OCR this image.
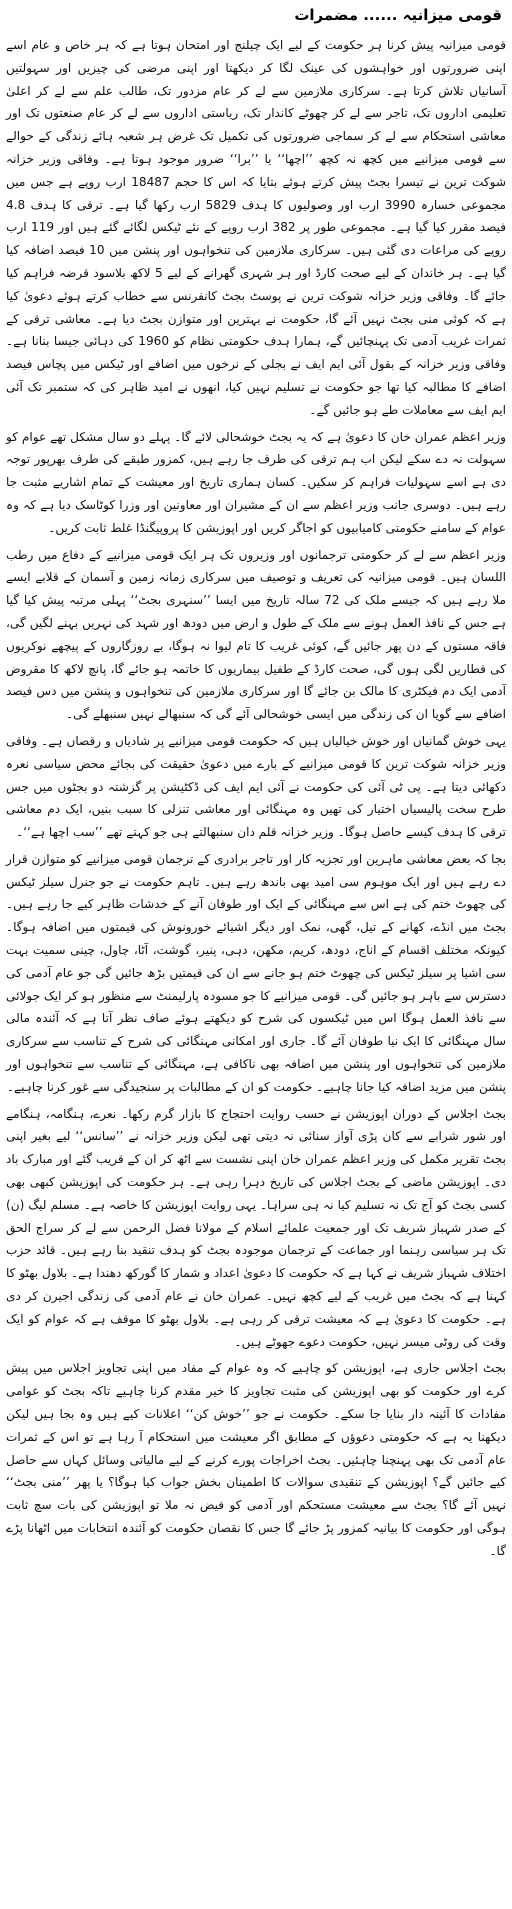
قومی میزانیہ ...... مضمرات

قومی میزانیہ پیش کرنا ہر حکومت کے لیے ایک چیلنج اور امتحان ہوتا ہے کہ ہر خاص و عام اسے اپنی ضرورتوں اور خواہشوں کی عینک لگا کر دیکھتا اور اپنی مرضی کی چیزیں اور سہولتیں آسانیاں تلاش کرتا ہے۔ سرکاری ملازمین سے لے کر عام مزدور تک، طالب علم سے لے کر اعلیٰ تعلیمی اداروں تک، تاجر سے لے کر چھوٹے کاندار تک، ریاستی اداروں سے لے کر عام صنعتوں تک اور معاشی استحکام سے لے کر سماجی ضرورتوں کی تکمیل تک غرض ہر شعبہ ہائے زندگی کے حوالے سے قومی میزانیے میں کچھ نہ کچھ ’’اچھا‘‘ یا ’’برا‘‘ ضرور موجود ہوتا ہے۔ وفاقی وزیر خزانہ شوکت ترین نے تیسرا بجٹ پیش کرتے ہوئے بتایا کہ اس کا حجم 18487 ارب روپے ہے جس میں مجموعی خسارہ 3990 ارب اور وصولیوں کا ہدف 5829 ارب رکھا گیا ہے۔ ترقی کا ہدف 4.8 فیصد مقرر کیا گیا ہے۔ مجموعی طور پر 382 ارب روپے کے نئے ٹیکس لگائے گئے ہیں اور 119 ارب روپے کی مراعات دی گئی ہیں۔ سرکاری ملازمین کی تنخواہوں اور پنشن میں 10 فیصد اضافہ کیا گیا ہے۔ ہر خاندان کے لیے صحت کارڈ اور ہر شہری گھرانے کے لیے 5 لاکھ بلاسود قرضہ فراہم کیا جائے گا۔ وفاقی وزیر خزانہ شوکت ترین نے پوسٹ بجٹ کانفرنس سے خطاب کرتے ہوئے دعویٰ کیا ہے کہ کوئی منی بجٹ نہیں آئے گا، حکومت نے بہترین اور متوازن بجٹ دیا ہے۔ معاشی ترقی کے ثمرات غریب آدمی تک پہنچائیں گے، ہمارا ہدف حکومتی نظام کو 1960 کی دہائی جیسا بنانا ہے۔ وفاقی وزیر خزانہ کے بقول آئی ایم ایف نے بجلی کے نرخوں میں اضافے اور ٹیکس میں پچاس فیصد اضافے کا مطالبہ کیا تھا جو حکومت نے تسلیم نہیں کیا، انھوں نے امید ظاہر کی کہ ستمبر تک آئی ایم ایف سے معاملات طے ہو جائیں گے۔

وزیر اعظم عمران خان کا دعویٰ ہے کہ یہ بجٹ خوشحالی لائے گا۔ پہلے دو سال مشکل تھے عوام کو سہولت نہ دے سکے لیکن اب ہم ترقی کی طرف جا رہے ہیں، کمزور طبقے کی طرف بھرپور توجہ دی ہے اسے سہولیات فراہم کر سکیں۔ کسان ہماری تاریخ اور معیشت کے تمام اشاریے مثبت جا رہے ہیں۔ دوسری جانب وزیر اعظم سے ان کے مشیران اور معاونین اور وزرا کوٹاسک دیا ہے کہ وہ عوام کے سامنے حکومتی کامیابیوں کو اجاگر کریں اور اپوزیشن کا پروپیگنڈا غلط ثابت کریں۔

وزیر اعظم سے لے کر حکومتی ترجمانوں اور وزیروں تک ہر ایک قومی میزانیے کے دفاع میں رطب اللسان ہیں۔ قومی میزانیہ کی تعریف و توصیف میں سرکاری زمانہ زمین و آسمان کے قلابے ایسے ملا رہے ہیں کہ جیسے ملک کی 72 سالہ تاریخ میں ایسا ’’سنہری بجٹ‘‘ پہلی مرتبہ پیش کیا گیا ہے جس کے نافذ العمل ہونے سے ملک کے طول و ارض میں دودھ اور شہد کی نہریں بہنے لگیں گی، فاقہ مستوں کے دن پھر جائیں گے، کوئی غریب کا تام لیوا نہ ہوگا، بے روزگاروں کے پیچھے نوکریوں کی قطاریں لگی ہوں گی، صحت کارڈ کے طفیل بیماریوں کا خاتمہ ہو جائے گا، پانچ لاکھ کا مقروض آدمی ایک دم فیکٹری کا مالک بن جائے گا اور سرکاری ملازمین کی تنخواہوں و پنشن میں دس فیصد اضافے سے گویا ان کی زندگی میں ایسی خوشحالی آئے گی کہ سنبھالے نہیں سنبھلے گی۔

یہی خوش گمانیاں اور خوش خیالیاں ہیں کہ حکومت قومی میزانیے پر شادیاں و رقصاں ہے۔ وفاقی وزیر خزانہ شوکت ترین کا قومی میزانیے کے بارے میں دعویٰ حقیقت کی بجائے محض سیاسی نعرہ دکھائی دیتا ہے۔ پی ٹی آئی کی حکومت نے آئی ایم ایف کی ڈکٹیشن پر گزشتہ دو بجٹوں میں جس طرح سخت پالیسیاں اختیار کی تھیں وہ مہنگائی اور معاشی تنزلی کا سبب بنیں، ایک دم معاشی ترقی کا ہدف کیسے حاصل ہوگا۔ وزیر خزانہ قلم دان سنبھالتے ہی جو کہتے تھے ’’سب اچھا ہے‘‘۔

بجا کہ بعض معاشی ماہرین اور تجزیہ کار اور تاجر برادری کے ترجمان قومی میزانیے کو متوازن قرار دے رہے ہیں اور ایک موہوم سی امید بھی باندھ رہے ہیں۔ تاہم حکومت نے جو جنرل سیلز ٹیکس کی چھوٹ ختم کی ہے اس سے مہنگائی کے ایک اور طوفان آنے کے خدشات ظاہر کیے جا رہے ہیں۔ بجٹ میں انڈے، کھانے کے تیل، گھی، نمک اور دیگر اشیائے خورونوش کی قیمتوں میں اضافہ ہوگا۔ کیونکہ مختلف اقسام کے اناج، دودھ، کریم، مکھن، دہی، پنیر، گوشت، آٹا، چاول، چینی سمیت بہت سی اشیا پر سیلز ٹیکس کی چھوٹ ختم ہو جانے سے ان کی قیمتیں بڑھ جائیں گی جو عام آدمی کی دسترس سے باہر ہو جائیں گی۔ قومی میزانیے کا جو مسودہ پارلیمنٹ سے منظور ہو کر ایک جولائی سے نافذ العمل ہوگا اس میں ٹیکسوں کی شرح کو دیکھتے ہوئے صاف نظر آتا ہے کہ آئندہ مالی سال مہنگائی کا ایک نیا طوفان آئے گا۔ جاری اور امکانی مہنگائی کی شرح کے تناسب سے سرکاری ملازمین کی تنخواہوں اور پنشن میں اضافہ بھی ناکافی ہے، مہنگائی کے تناسب سے تنخواہوں اور پنشن میں مزید اضافہ کیا جانا چاہیے۔ حکومت کو ان کے مطالبات پر سنجیدگی سے غور کرنا چاہیے۔

بجٹ اجلاس کے دوران اپوزیشن نے حسب روایت احتجاج کا بازار گرم رکھا۔ نعرے، ہنگامہ، ہنگامے اور شور شرابے سے کان پڑی آواز سنائی نہ دیتی تھی لیکن وزیر خزانہ نے ’’سانس‘‘ لیے بغیر اپنی بجٹ تقریر مکمل کی وزیر اعظم عمران خان اپنی نشست سے اٹھ کر ان کے قریب گئے اور مبارک باد دی۔ اپوزیشن ماضی کے بجٹ اجلاس کی تاریخ دہرا رہی ہے۔ ہر حکومت کی اپوزیشن کبھی بھی کسی بجٹ کو آج تک نہ تسلیم کیا نہ ہی سراہا۔ یہی روایت اپوزیشن کا خاصہ ہے۔ مسلم لیگ (ن) کے صدر شہباز شریف تک اور جمعیت علمائے اسلام کے مولانا فضل الرحمن سے لے کر سراج الحق تک ہر سیاسی رہنما اور جماعت کے ترجمان موجودہ بجٹ کو ہدف تنقید بنا رہے ہیں۔ قائد حزب اختلاف شہباز شریف نے کہا ہے کہ حکومت کا دعویٰ اعداد و شمار کا گورکھ دھندا ہے۔ بلاول بھٹو کا کہنا ہے کہ بجٹ میں غریب کے لیے کچھ نہیں۔ عمران خان نے عام آدمی کی زندگی اجیرن کر دی ہے۔ حکومت کا دعویٰ ہے کہ معیشت ترقی کر رہی ہے۔ بلاول بھٹو کا موقف ہے کہ عوام کو ایک وقت کی روٹی میسر نہیں، حکومت دعوے جھوٹے ہیں۔

بجٹ اجلاس جاری ہے، اپوزیشن کو چاہیے کہ وہ عوام کے مفاد میں اپنی تجاویز اجلاس میں پیش کرے اور حکومت کو بھی اپوزیشن کی مثبت تجاویز کا خیر مقدم کرنا چاہیے تاکہ بجٹ کو عوامی مفادات کا آئینہ دار بنایا جا سکے۔ حکومت نے جو ’’خوش کن‘‘ اعلانات کیے ہیں وہ بجا ہیں لیکن دیکھنا یہ ہے کہ حکومتی دعوؤں کے مطابق اگر معیشت میں استحکام آ رہا ہے تو اس کے ثمرات عام آدمی تک بھی پہنچنا چاہئیں۔ بجٹ اخراجات پورے کرنے کے لیے مالیاتی وسائل کہاں سے حاصل کیے جائیں گے؟ اپوزیشن کے تنقیدی سوالات کا اطمینان بخش جواب کیا ہوگا؟ یا پھر ’’منی بجٹ‘‘ نہیں آئے گا؟ بجٹ سے معیشت مستحکم اور آدمی کو فیض نہ ملا تو اپوزیشن کی بات سچ ثابت ہوگی اور حکومت کا بیانیہ کمزور پڑ جائے گا جس کا نقصان حکومت کو آئندہ انتخابات میں اٹھانا پڑے گا۔
